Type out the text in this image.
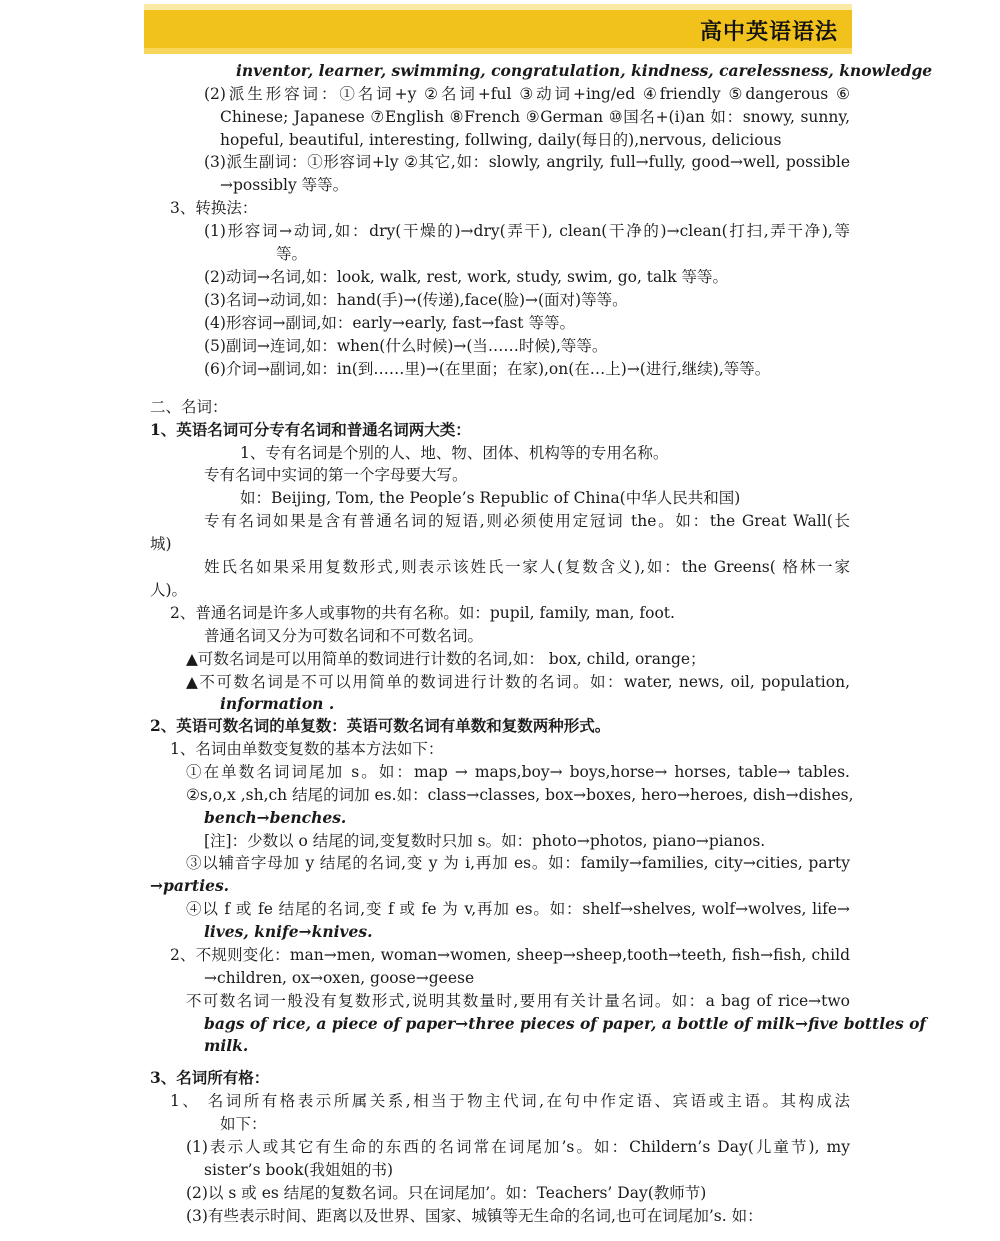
高中英语语法
inventor, learner, swimming, congratulation, kindness, carelessness, knowledge
(2)派生形容词：①名词+y ②名词+ful ③动词+ing/ed ④friendly ⑤dangerous ⑥
Chinese; Japanese ⑦English ⑧French ⑨German ⑩国名+(i)an 如：snowy, sunny,
hopeful, beautiful, interesting, follwing, daily(每日的),nervous, delicious
(3)派生副词：①形容词+ly ②其它,如：slowly, angrily, full→fully, good→well, possible
→possibly 等等。
3、转换法：
(1)形容词→动词,如：dry(干燥的)→dry(弄干), clean(干净的)→clean(打扫,弄干净),等
等。
(2)动词→名词,如：look, walk, rest, work, study, swim, go, talk 等等。
(3)名词→动词,如：hand(手)→(传递),face(脸)→(面对)等等。
(4)形容词→副词,如：early→early, fast→fast 等等。
(5)副词→连词,如：when(什么时候)→(当……时候),等等。
(6)介词→副词,如：in(到……里)→(在里面；在家),on(在…上)→(进行,继续),等等。
二、名词：
1、英语名词可分专有名词和普通名词两大类：
1、专有名词是个别的人、地、物、团体、机构等的专用名称。
专有名词中实词的第一个字母要大写。
如：Beijing, Tom, the People’s Republic of China(中华人民共和国)
专有名词如果是含有普通名词的短语,则必须使用定冠词 the。如：the Great Wall(长
城)
姓氏名如果采用复数形式,则表示该姓氏一家人(复数含义),如：the Greens( 格林一家
人)。
2、普通名词是许多人或事物的共有名称。如：pupil, family, man, foot.
普通名词又分为可数名词和不可数名词。
▲可数名词是可以用简单的数词进行计数的名词,如： box, child, orange；
▲不可数名词是不可以用简单的数词进行计数的名词。如：water, news, oil, population,
information .
2、英语可数名词的单复数：英语可数名词有单数和复数两种形式。
1、名词由单数变复数的基本方法如下：
①在单数名词词尾加 s。如：map → maps,boy→ boys,horse→ horses, table→ tables.
②s,o,x ,sh,ch 结尾的词加 es.如：class→classes, box→boxes, hero→heroes, dish→dishes,
bench→benches.
[注]：少数以 o 结尾的词,变复数时只加 s。如：photo→photos, piano→pianos.
③以辅音字母加 y 结尾的名词,变 y 为 i,再加 es。如：family→families, city→cities, party
→parties.
④以 f 或 fe 结尾的名词,变 f 或 fe 为 v,再加 es。如：shelf→shelves, wolf→wolves, life→
lives, knife→knives.
2、不规则变化：man→men, woman→women, sheep→sheep,tooth→teeth, fish→fish, child
→children, ox→oxen, goose→geese
不可数名词一般没有复数形式,说明其数量时,要用有关计量名词。如：a bag of rice→two
bags of rice, a piece of paper→three pieces of paper, a bottle of milk→five bottles of
milk.
3、名词所有格：
1、 名词所有格表示所属关系,相当于物主代词,在句中作定语、宾语或主语。其构成法
如下：
(1)表示人或其它有生命的东西的名词常在词尾加’s。如：Childern’s Day(儿童节), my
sister’s book(我姐姐的书)
(2)以 s 或 es 结尾的复数名词。只在词尾加’。如：Teachers’ Day(教师节)
(3)有些表示时间、距离以及世界、国家、城镇等无生命的名词,也可在词尾加’s. 如：
